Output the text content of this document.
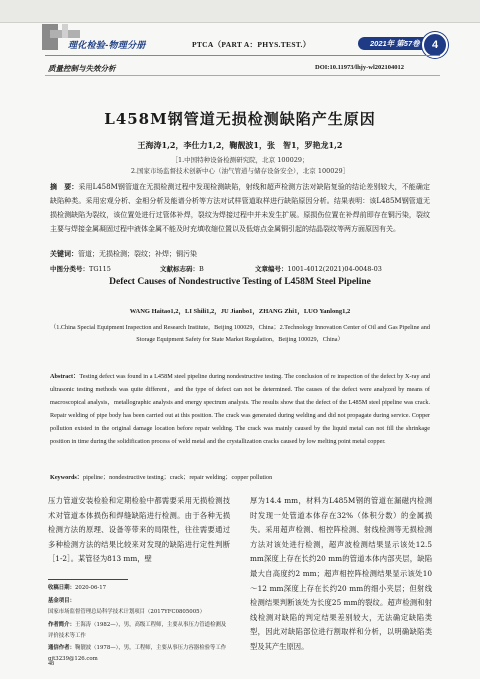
理化检验-物理分册	PTCA（PART A：PHYS.TEST.）	2021年 第57卷	4
质量控制与失效分析	DOI:10.11973/lhjy-wl202104012
L458M钢管道无损检测缺陷产生原因
王海涛1,2，李仕力1,2，鞠靓波1，张　智1，罗艳龙1,2
［1.中国特种设备检测研究院，北京 100029；
2.国家市场监督技术创新中心（油气管道与储存设备安全），北京 100029］
摘　要：采用L458M钢管道在无损检测过程中发现检测缺陷，射线和超声检测方法对缺陷复验的结论差别较大，不能确定缺陷种类。采用宏观分析、金相分析及能谱分析等方法对试样管道取样进行缺陷原因分析。结果表明：该L485M钢管道无损检测缺陷为裂纹，该位置处进行过管体补焊，裂纹为焊接过程中并未发生扩展。原损伤位置在补焊前即存在铜污染，裂纹主要与焊接金属凝固过程中液体金属不能及时充填收缩位置以及低熔点金属铜引起的结晶裂纹等两方面原因有关。
关键词：管道；无损检测；裂纹；补焊；铜污染
中图分类号：TG115	文献标志码：B	文章编号：1001-4012(2021)04-0048-03
Defect Causes of Nondestructive Testing of L458M Steel Pipeline
WANG Haitao1,2，LI Shili1,2，JU Jianbo1，ZHANG Zhi1，LUO Yanlong1,2
（1.China Special Equipment Inspection and Research Institute，Beijing 100029，China；2.Technology Innovation Center of Oil and Gas Pipeline and Storage Equipment Safety for State Market Regulation，Beijing 100029，China）
Abstract：Testing defect was found in a L458M steel pipeline during nondestructive testing. The conclusion of re inspection of the defect by X-ray and ultrasonic testing methods was quite different，and the type of defect can not be determined. The causes of the defect were analyzed by means of macroscopical analysis，metallographic analysis and energy spectrum analysis. The results show that the defect of the L485M steel pipeline was crack. Repair welding of pipe body has been carried out at this position. The crack was generated during welding and did not propagate during service. Copper pollution existed in the original damage location before repair welding. The crack was mainly caused by the liquid metal can not fill the shrinkage position in time during the solidification process of weld metal and the crystallization cracks caused by low melting point metal copper.
Keywords：pipeline；nondestructive testing；crack；repair welding；copper pollution
压力管道安装检验和定期检验中都需要采用无损检测技术对管道本体损伤和焊缝缺陷进行检测。由于各种无损检测方法的原理、设备等带来的局限性，往往需要通过多种检测方法的结果比较来对发现的缺陷进行定性判断［1-2］。某管径为813 mm，壁
厚为14.4 mm，材料为L485M钢的管道在漏磁内检测时发现一处管道本体存在32%（体积分数）的金属损失。采用超声检测、相控阵检测、射线检测等无损检测方法对该处进行检测，超声波检测结果显示该处12.5 mm深度上存在长约20 mm的管道本体内部夹层，缺陷最大自高度约2 mm；超声相控阵检测结果显示该处10～12 mm深度上存在长约20 mm的细小夹层；但射线检测结果判断该处为长度25 mm的裂纹。超声检测和射线检测对缺陷的判定结果差别较大，无法确定缺陷类型，因此对缺陷部位进行割取样和分析，以明确缺陷类型及其产生原因。
收稿日期：2020-06-17
基金项目：国家市场监督管理总局科学技术计划项目（2017YFC0805005）
作者简介：王海涛（1982—），男，高级工程师，主要从事压力管道检测及评价技术等工作
通信作者：鞠靓波（1978—），男，工程师，主要从事压力容器检验等工作 gjt3239@126.com
48
